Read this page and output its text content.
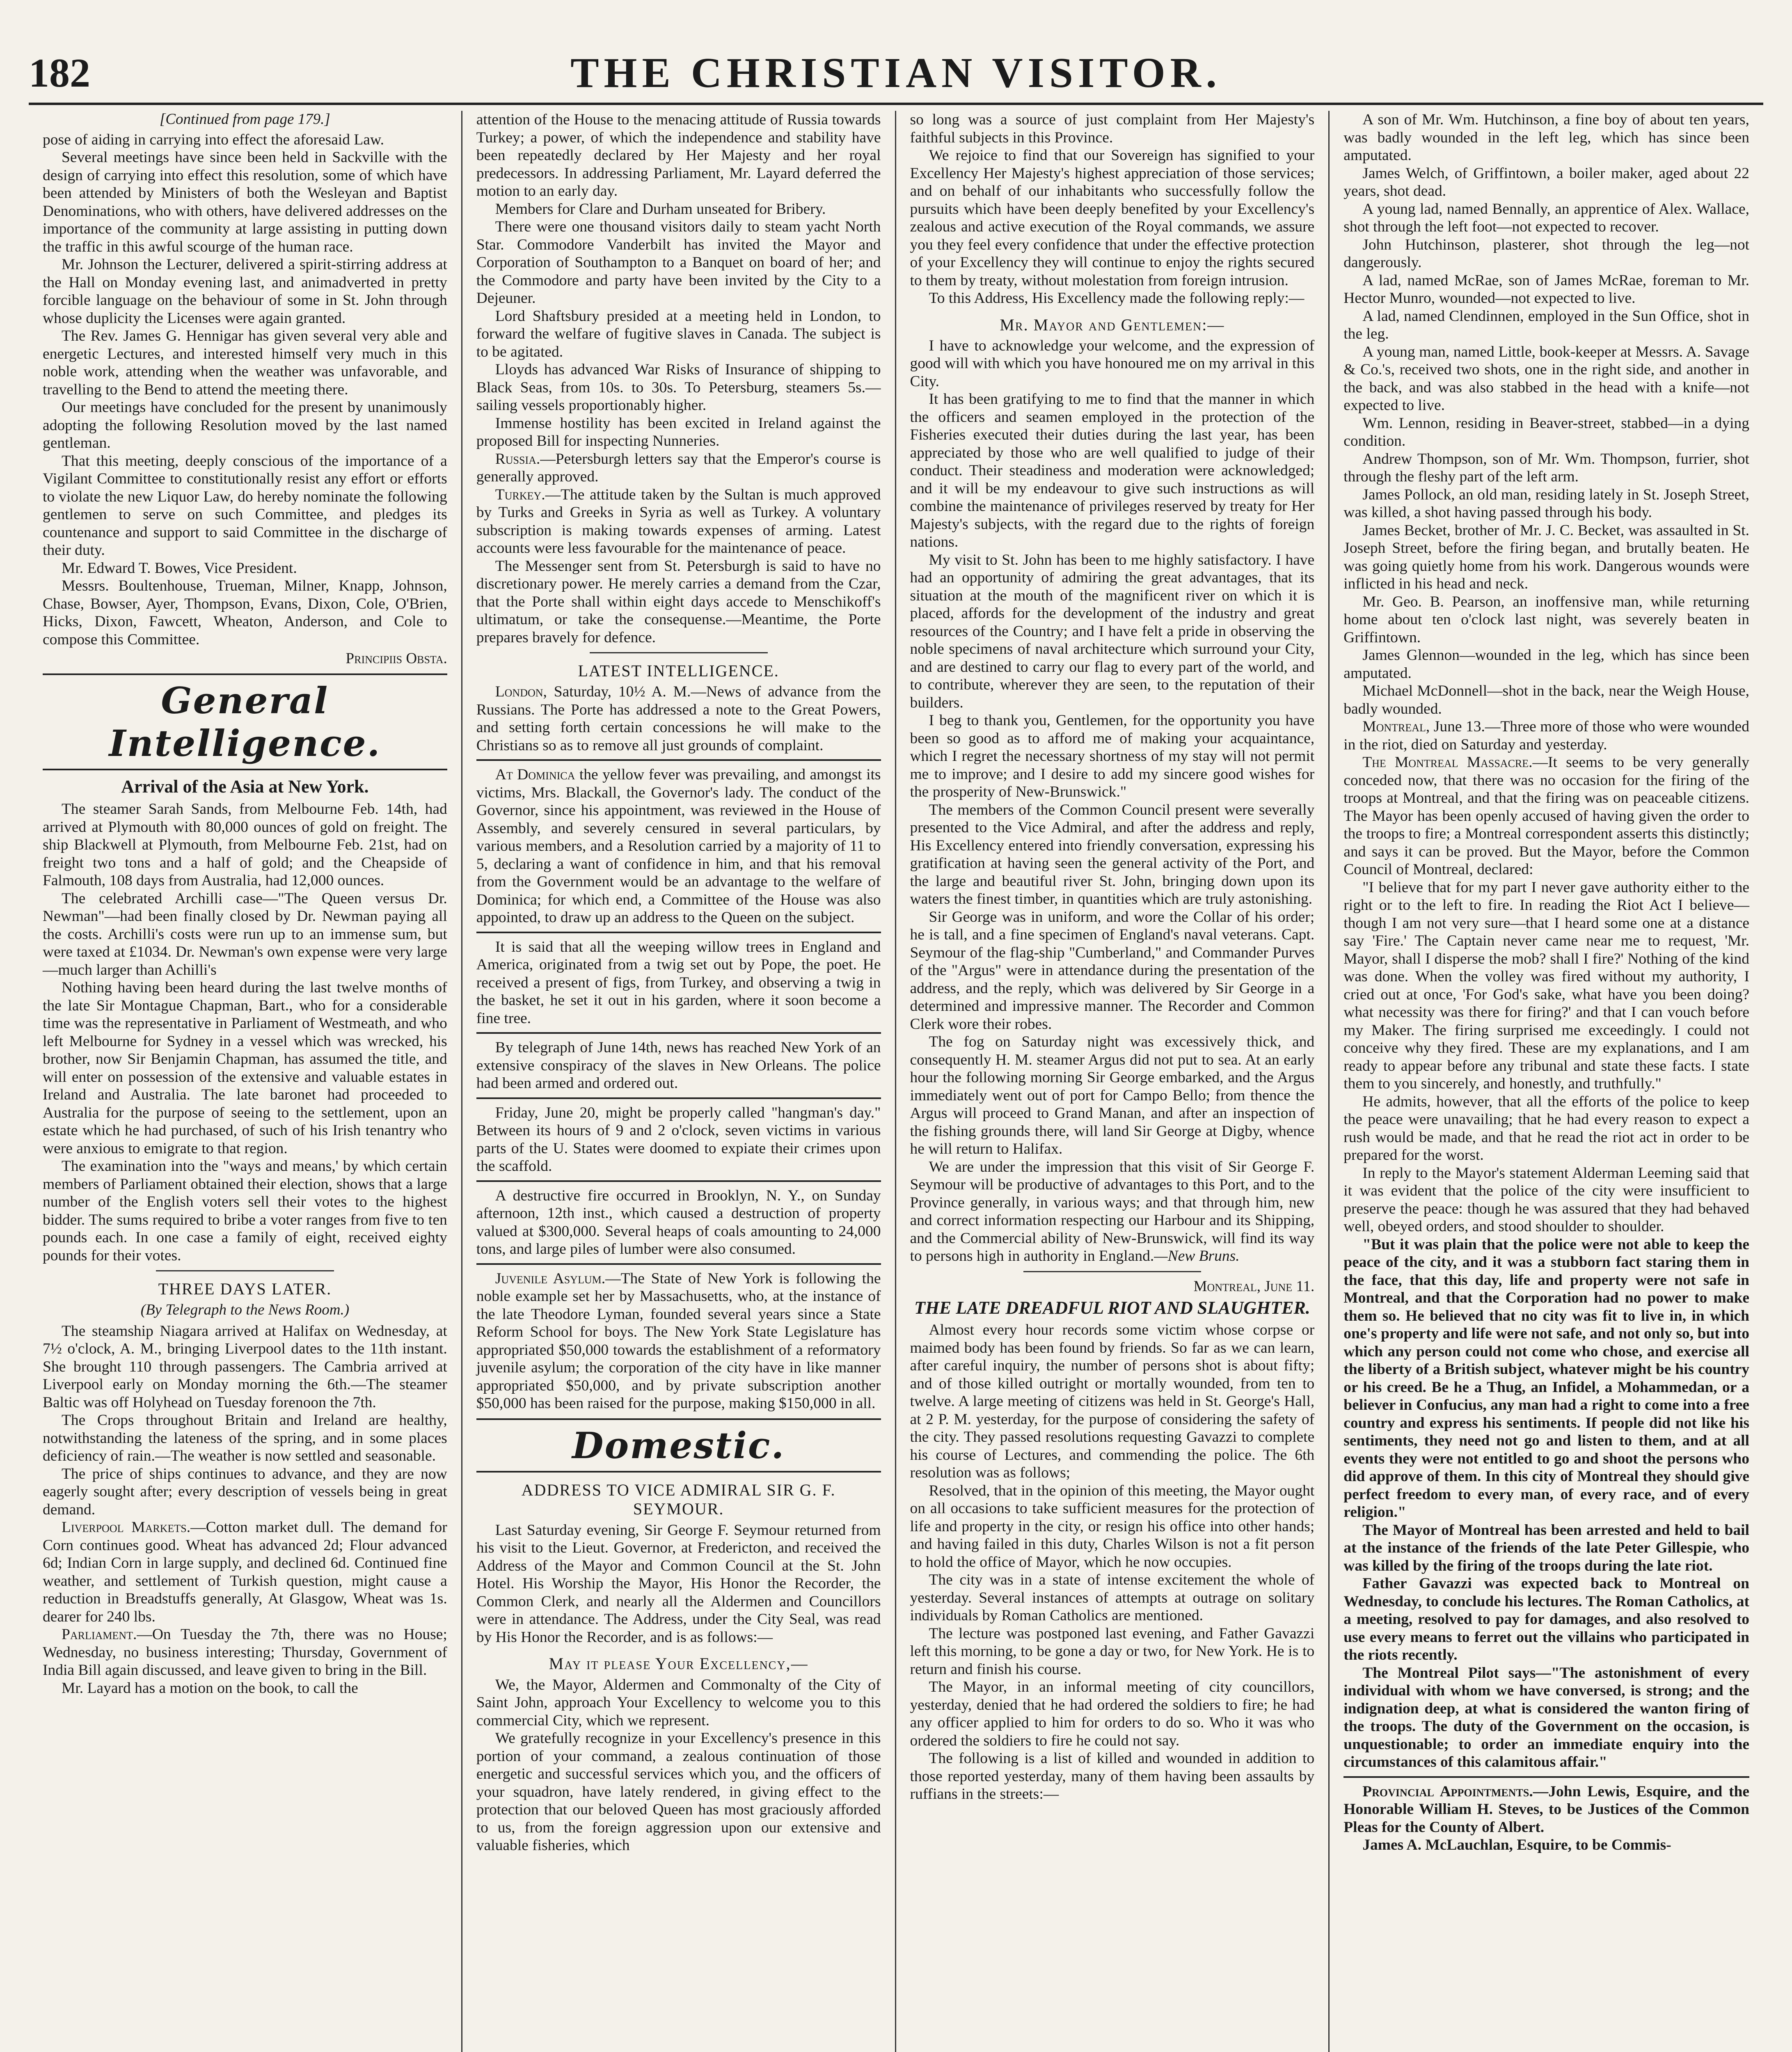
182	THE CHRISTIAN VISITOR.

[Continued from page 179.]

pose of aiding in carrying into effect the aforesaid Law.

Several meetings have since been held in Sackville with the design of carrying into effect this resolution, some of which have been attended by Ministers of both the Wesleyan and Baptist Denominations, who with others, have delivered addresses on the importance of the community at large assisting in putting down the traffic in this awful scourge of the human race.

Mr. Johnson the Lecturer, delivered a spirit-stirring address at the Hall on Monday evening last, and animadverted in pretty forcible language on the behaviour of some in St. John through whose duplicity the Licenses were again granted.

The Rev. James G. Hennigar has given several very able and energetic Lectures, and interested himself very much in this noble work, attending when the weather was unfavorable, and travelling to the Bend to attend the meeting there.

Our meetings have concluded for the present by unanimously adopting the following Resolution moved by the last named gentleman.

That this meeting, deeply conscious of the importance of a Vigilant Committee to constitutionally resist any effort or efforts to violate the new Liquor Law, do hereby nominate the following gentlemen to serve on such Committee, and pledges its countenance and support to said Committee in the discharge of their duty.

Mr. Edward T. Bowes, Vice President.

Messrs. Boultenhouse, Trueman, Milner, Knapp, Johnson, Chase, Bowser, Ayer, Thompson, Evans, Dixon, Cole, O'Brien, Hicks, Dixon, Fawcett, Wheaton, Anderson, and Cole to compose this Committee.

Principiis Obsta.

General Intelligence.

Arrival of the Asia at New York.

The steamer Sarah Sands, from Melbourne Feb. 14th, had arrived at Plymouth with 80,000 ounces of gold on freight. The ship Blackwell at Plymouth, from Melbourne Feb. 21st, had on freight two tons and a half of gold; and the Cheapside of Falmouth, 108 days from Australia, had 12,000 ounces.

The celebrated Archilli case—"The Queen versus Dr. Newman"—had been finally closed by Dr. Newman paying all the costs. Archilli's costs were run up to an immense sum, but were taxed at £1034. Dr. Newman's own expense were very large—much larger than Achilli's

Nothing having been heard during the last twelve months of the late Sir Montague Chapman, Bart., who for a considerable time was the representative in Parliament of Westmeath, and who left Melbourne for Sydney in a vessel which was wrecked, his brother, now Sir Benjamin Chapman, has assumed the title, and will enter on possession of the extensive and valuable estates in Ireland and Australia. The late baronet had proceeded to Australia for the purpose of seeing to the settlement, upon an estate which he had purchased, of such of his Irish tenantry who were anxious to emigrate to that region.

The examination into the "ways and means,' by which certain members of Parliament obtained their election, shows that a large number of the English voters sell their votes to the highest bidder. The sums required to bribe a voter ranges from five to ten pounds each. In one case a family of eight, received eighty pounds for their votes.

THREE DAYS LATER.

(By Telegraph to the News Room.)

The steamship Niagara arrived at Halifax on Wednesday, at 7½ o'clock, A. M., bringing Liverpool dates to the 11th instant. She brought 110 through passengers. The Cambria arrived at Liverpool early on Monday morning the 6th.—The steamer Baltic was off Holyhead on Tuesday forenoon the 7th.

The Crops throughout Britain and Ireland are healthy, notwithstanding the lateness of the spring, and in some places deficiency of rain.—The weather is now settled and seasonable.

The price of ships continues to advance, and they are now eagerly sought after; every description of vessels being in great demand.

Liverpool Markets.—Cotton market dull. The demand for Corn continues good. Wheat has advanced 2d; Flour advanced 6d; Indian Corn in large supply, and declined 6d. Continued fine weather, and settlement of Turkish question, might cause a reduction in Breadstuffs generally, At Glasgow, Wheat was 1s. dearer for 240 lbs.

Parliament.—On Tuesday the 7th, there was no House; Wednesday, no business interesting; Thursday, Government of India Bill again discussed, and leave given to bring in the Bill.

Mr. Layard has a motion on the book, to call the

attention of the House to the menacing attitude of Russia towards Turkey; a power, of which the independence and stability have been repeatedly declared by Her Majesty and her royal predecessors. In addressing Parliament, Mr. Layard deferred the motion to an early day.

Members for Clare and Durham unseated for Bribery.

There were one thousand visitors daily to steam yacht North Star. Commodore Vanderbilt has invited the Mayor and Corporation of Southampton to a Banquet on board of her; and the Commodore and party have been invited by the City to a Dejeuner.

Lord Shaftsbury presided at a meeting held in London, to forward the welfare of fugitive slaves in Canada. The subject is to be agitated.

Lloyds has advanced War Risks of Insurance of shipping to Black Seas, from 10s. to 30s. To Petersburg, steamers 5s.—sailing vessels proportionably higher.

Immense hostility has been excited in Ireland against the proposed Bill for inspecting Nunneries.

Russia.—Petersburgh letters say that the Emperor's course is generally approved.

Turkey.—The attitude taken by the Sultan is much approved by Turks and Greeks in Syria as well as Turkey. A voluntary subscription is making towards expenses of arming. Latest accounts were less favourable for the maintenance of peace.

The Messenger sent from St. Petersburgh is said to have no discretionary power. He merely carries a demand from the Czar, that the Porte shall within eight days accede to Menschikoff's ultimatum, or take the consequense.—Meantime, the Porte prepares bravely for defence.

LATEST INTELLIGENCE.

London, Saturday, 10½ A. M.—News of advance from the Russians. The Porte has addressed a note to the Great Powers, and setting forth certain concessions he will make to the Christians so as to remove all just grounds of complaint.

At Dominica the yellow fever was prevailing, and amongst its victims, Mrs. Blackall, the Governor's lady. The conduct of the Governor, since his appointment, was reviewed in the House of Assembly, and severely censured in several particulars, by various members, and a Resolution carried by a majority of 11 to 5, declaring a want of confidence in him, and that his removal from the Government would be an advantage to the welfare of Dominica; for which end, a Committee of the House was also appointed, to draw up an address to the Queen on the subject.

It is said that all the weeping willow trees in England and America, originated from a twig set out by Pope, the poet. He received a present of figs, from Turkey, and observing a twig in the basket, he set it out in his garden, where it soon become a fine tree.

By telegraph of June 14th, news has reached New York of an extensive conspiracy of the slaves in New Orleans. The police had been armed and ordered out.

Friday, June 20, might be properly called "hangman's day." Between its hours of 9 and 2 o'clock, seven victims in various parts of the U. States were doomed to expiate their crimes upon the scaffold.

A destructive fire occurred in Brooklyn, N. Y., on Sunday afternoon, 12th inst., which caused a destruction of property valued at $300,000. Several heaps of coals amounting to 24,000 tons, and large piles of lumber were also consumed.

Juvenile Asylum.—The State of New York is following the noble example set her by Massachusetts, who, at the instance of the late Theodore Lyman, founded several years since a State Reform School for boys. The New York State Legislature has appropriated $50,000 towards the establishment of a reformatory juvenile asylum; the corporation of the city have in like manner appropriated $50,000, and by private subscription another $50,000 has been raised for the purpose, making $150,000 in all.

Domestic.

ADDRESS TO VICE ADMIRAL SIR G. F. SEYMOUR.

Last Saturday evening, Sir George F. Seymour returned from his visit to the Lieut. Governor, at Fredericton, and received the Address of the Mayor and Common Council at the St. John Hotel. His Worship the Mayor, His Honor the Recorder, the Common Clerk, and nearly all the Aldermen and Councillors were in attendance. The Address, under the City Seal, was read by His Honor the Recorder, and is as follows:—

May it please Your Excellency,—

We, the Mayor, Aldermen and Commonalty of the City of Saint John, approach Your Excellency to welcome you to this commercial City, which we represent.

We gratefully recognize in your Excellency's presence in this portion of your command, a zealous continuation of those energetic and successful services which you, and the officers of your squadron, have lately rendered, in giving effect to the protection that our beloved Queen has most graciously afforded to us, from the foreign aggression upon our extensive and valuable fisheries, which

so long was a source of just complaint from Her Majesty's faithful subjects in this Province.

We rejoice to find that our Sovereign has signified to your Excellency Her Majesty's highest appreciation of those services; and on behalf of our inhabitants who successfully follow the pursuits which have been deeply benefited by your Excellency's zealous and active execution of the Royal commands, we assure you they feel every confidence that under the effective protection of your Excellency they will continue to enjoy the rights secured to them by treaty, without molestation from foreign intrusion.

To this Address, His Excellency made the following reply:—

Mr. Mayor and Gentlemen:—

I have to acknowledge your welcome, and the expression of good will with which you have honoured me on my arrival in this City.

It has been gratifying to me to find that the manner in which the officers and seamen employed in the protection of the Fisheries executed their duties during the last year, has been appreciated by those who are well qualified to judge of their conduct. Their steadiness and moderation were acknowledged; and it will be my endeavour to give such instructions as will combine the maintenance of privileges reserved by treaty for Her Majesty's subjects, with the regard due to the rights of foreign nations.

My visit to St. John has been to me highly satisfactory. I have had an opportunity of admiring the great advantages, that its situation at the mouth of the magnificent river on which it is placed, affords for the development of the industry and great resources of the Country; and I have felt a pride in observing the noble specimens of naval architecture which surround your City, and are destined to carry our flag to every part of the world, and to contribute, wherever they are seen, to the reputation of their builders.

I beg to thank you, Gentlemen, for the opportunity you have been so good as to afford me of making your acquaintance, which I regret the necessary shortness of my stay will not permit me to improve; and I desire to add my sincere good wishes for the prosperity of New-Brunswick."

The members of the Common Council present were severally presented to the Vice Admiral, and after the address and reply, His Excellency entered into friendly conversation, expressing his gratification at having seen the general activity of the Port, and the large and beautiful river St. John, bringing down upon its waters the finest timber, in quantities which are truly astonishing.

Sir George was in uniform, and wore the Collar of his order; he is tall, and a fine specimen of England's naval veterans. Capt. Seymour of the flag-ship "Cumberland," and Commander Purves of the "Argus" were in attendance during the presentation of the address, and the reply, which was delivered by Sir George in a determined and impressive manner. The Recorder and Common Clerk wore their robes.

The fog on Saturday night was excessively thick, and consequently H. M. steamer Argus did not put to sea. At an early hour the following morning Sir George embarked, and the Argus immediately went out of port for Campo Bello; from thence the Argus will proceed to Grand Manan, and after an inspection of the fishing grounds there, will land Sir George at Digby, whence he will return to Halifax.

We are under the impression that this visit of Sir George F. Seymour will be productive of advantages to this Port, and to the Province generally, in various ways; and that through him, new and correct information respecting our Harbour and its Shipping, and the Commercial ability of New-Brunswick, will find its way to persons high in authority in England.—New Bruns.

Montreal, June 11.

THE LATE DREADFUL RIOT AND SLAUGHTER.

Almost every hour records some victim whose corpse or maimed body has been found by friends. So far as we can learn, after careful inquiry, the number of persons shot is about fifty; and of those killed outright or mortally wounded, from ten to twelve. A large meeting of citizens was held in St. George's Hall, at 2 P. M. yesterday, for the purpose of considering the safety of the city. They passed resolutions requesting Gavazzi to complete his course of Lectures, and commending the police. The 6th resolution was as follows;

Resolved, that in the opinion of this meeting, the Mayor ought on all occasions to take sufficient measures for the protection of life and property in the city, or resign his office into other hands; and having failed in this duty, Charles Wilson is not a fit person to hold the office of Mayor, which he now occupies.

The city was in a state of intense excitement the whole of yesterday. Several instances of attempts at outrage on solitary individuals by Roman Catholics are mentioned.

The lecture was postponed last evening, and Father Gavazzi left this morning, to be gone a day or two, for New York. He is to return and finish his course.

The Mayor, in an informal meeting of city councillors, yesterday, denied that he had ordered the soldiers to fire; he had any officer applied to him for orders to do so. Who it was who ordered the soldiers to fire he could not say.

The following is a list of killed and wounded in addition to those reported yesterday, many of them having been assaults by ruffians in the streets:—

A son of Mr. Wm. Hutchinson, a fine boy of about ten years, was badly wounded in the left leg, which has since been amputated.

James Welch, of Griffintown, a boiler maker, aged about 22 years, shot dead.

A young lad, named Bennally, an apprentice of Alex. Wallace, shot through the left foot—not expected to recover.

John Hutchinson, plasterer, shot through the leg—not dangerously.

A lad, named McRae, son of James McRae, foreman to Mr. Hector Munro, wounded—not expected to live.

A lad, named Clendinnen, employed in the Sun Office, shot in the leg.

A young man, named Little, book-keeper at Messrs. A. Savage & Co.'s, received two shots, one in the right side, and another in the back, and was also stabbed in the head with a knife—not expected to live.

Wm. Lennon, residing in Beaver-street, stabbed—in a dying condition.

Andrew Thompson, son of Mr. Wm. Thompson, furrier, shot through the fleshy part of the left arm.

James Pollock, an old man, residing lately in St. Joseph Street, was killed, a shot having passed through his body.

James Becket, brother of Mr. J. C. Becket, was assaulted in St. Joseph Street, before the firing began, and brutally beaten. He was going quietly home from his work. Dangerous wounds were inflicted in his head and neck.

Mr. Geo. B. Pearson, an inoffensive man, while returning home about ten o'clock last night, was severely beaten in Griffintown.

James Glennon—wounded in the leg, which has since been amputated.

Michael McDonnell—shot in the back, near the Weigh House, badly wounded.

Montreal, June 13.—Three more of those who were wounded in the riot, died on Saturday and yesterday.

The Montreal Massacre.—It seems to be very generally conceded now, that there was no occasion for the firing of the troops at Montreal, and that the firing was on peaceable citizens. The Mayor has been openly accused of having given the order to the troops to fire; a Montreal correspondent asserts this distinctly; and says it can be proved. But the Mayor, before the Common Council of Montreal, declared:

"I believe that for my part I never gave authority either to the right or to the left to fire. In reading the Riot Act I believe—though I am not very sure—that I heard some one at a distance say 'Fire.' The Captain never came near me to request, 'Mr. Mayor, shall I disperse the mob? shall I fire?' Nothing of the kind was done. When the volley was fired without my authority, I cried out at once, 'For God's sake, what have you been doing? what necessity was there for firing?' and that I can vouch before my Maker. The firing surprised me exceedingly. I could not conceive why they fired. These are my explanations, and I am ready to appear before any tribunal and state these facts. I state them to you sincerely, and honestly, and truthfully."

He admits, however, that all the efforts of the police to keep the peace were unavailing; that he had every reason to expect a rush would be made, and that he read the riot act in order to be prepared for the worst.

In reply to the Mayor's statement Alderman Leeming said that it was evident that the police of the city were insufficient to preserve the peace: though he was assured that they had behaved well, obeyed orders, and stood shoulder to shoulder.

"But it was plain that the police were not able to keep the peace of the city, and it was a stubborn fact staring them in the face, that this day, life and property were not safe in Montreal, and that the Corporation had no power to make them so. He believed that no city was fit to live in, in which one's property and life were not safe, and not only so, but into which any person could not come who chose, and exercise all the liberty of a British subject, whatever might be his country or his creed. Be he a Thug, an Infidel, a Mohammedan, or a believer in Confucius, any man had a right to come into a free country and express his sentiments. If people did not like his sentiments, they need not go and listen to them, and at all events they were not entitled to go and shoot the persons who did approve of them. In this city of Montreal they should give perfect freedom to every man, of every race, and of every religion."

The Mayor of Montreal has been arrested and held to bail at the instance of the friends of the late Peter Gillespie, who was killed by the firing of the troops during the late riot.

Father Gavazzi was expected back to Montreal on Wednesday, to conclude his lectures. The Roman Catholics, at a meeting, resolved to pay for damages, and also resolved to use every means to ferret out the villains who participated in the riots recently.

The Montreal Pilot says—"The astonishment of every individual with whom we have conversed, is strong; and the indignation deep, at what is considered the wanton firing of the troops. The duty of the Government on the occasion, is unquestionable; to order an immediate enquiry into the circumstances of this calamitous affair."

Provincial Appointments.—John Lewis, Esquire, and the Honorable William H. Steves, to be Justices of the Common Pleas for the County of Albert.

James A. McLauchlan, Esquire, to be Commis-
